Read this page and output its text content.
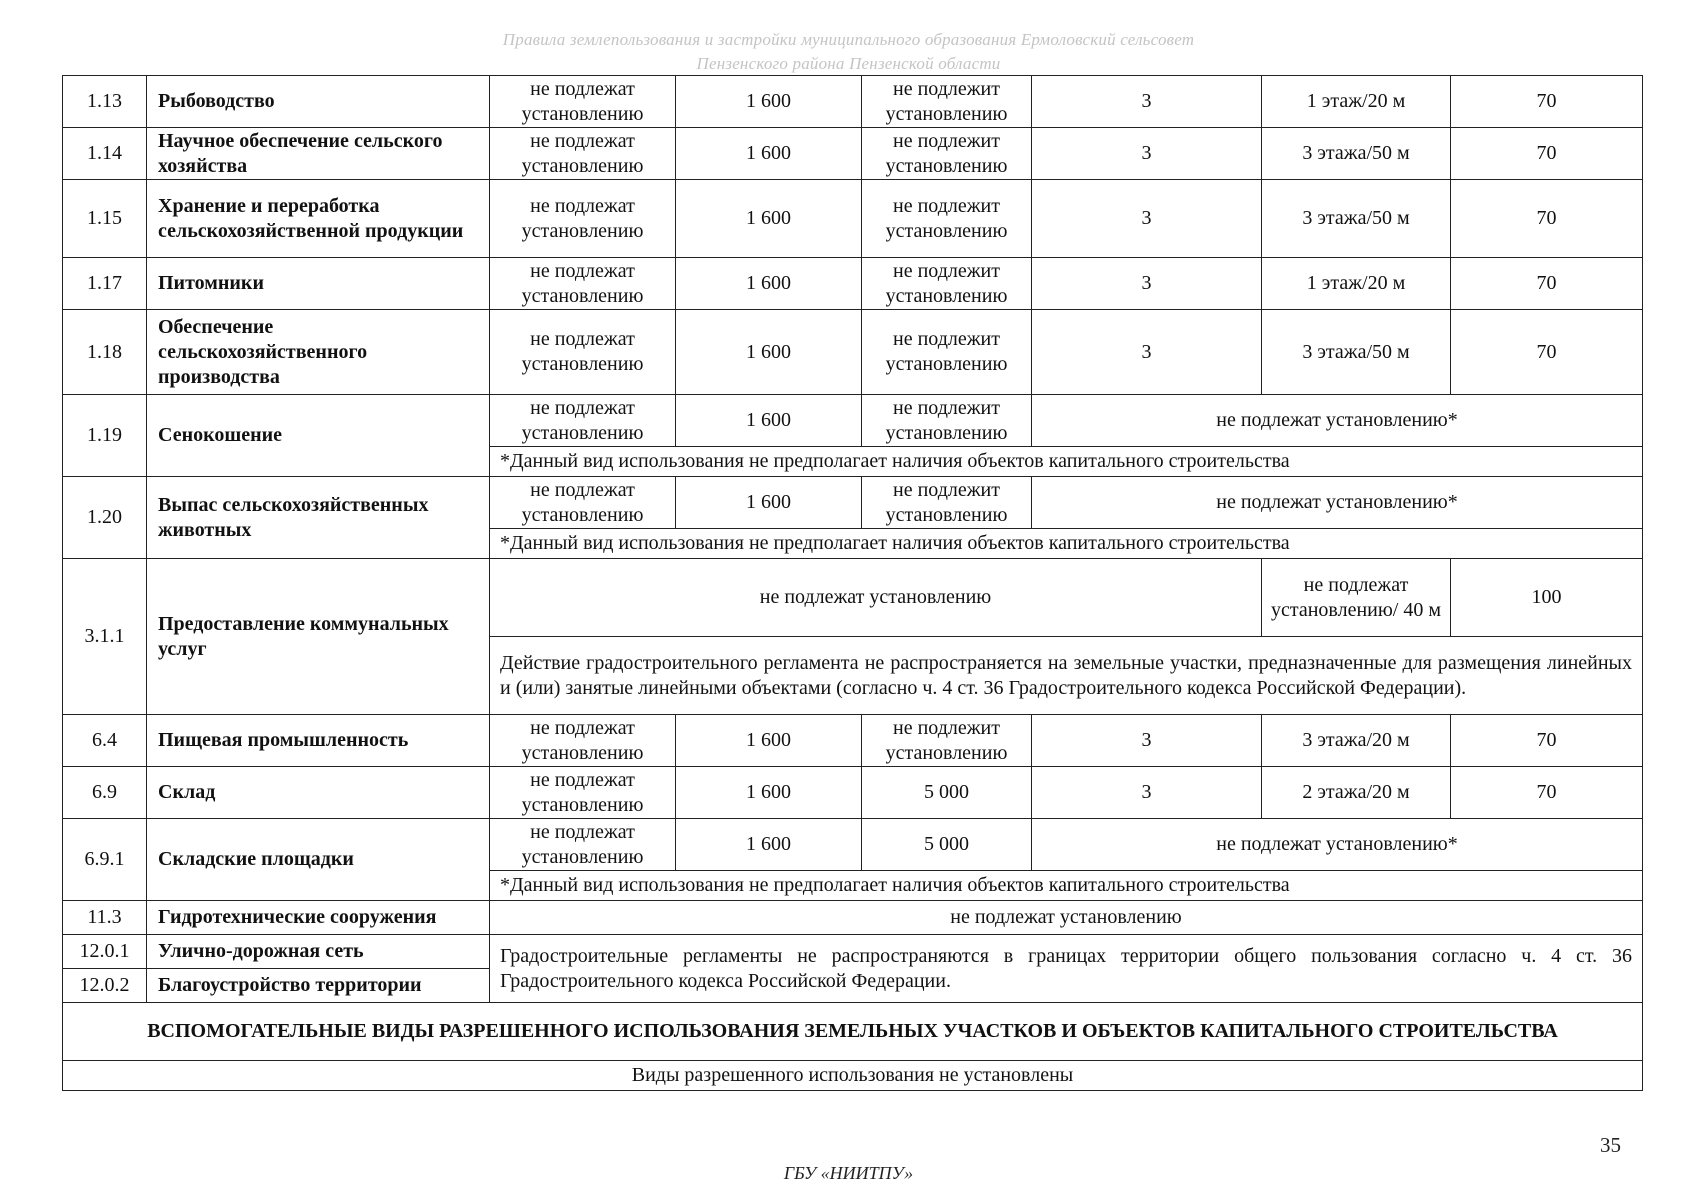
Правила землепользования и застройки муниципального образования Ермоловский сельсовет
Пензенского района Пензенской области
1.13	Рыбоводство	не подлежат установлению	1 600	не подлежит установлению	3	1 этаж/20 м	70
1.14	Научное обеспечение сельского хозяйства	не подлежат установлению	1 600	не подлежит установлению	3	3 этажа/50 м	70
1.15	Хранение и переработка сельскохозяйственной продукции	не подлежат установлению	1 600	не подлежит установлению	3	3 этажа/50 м	70
1.17	Питомники	не подлежат установлению	1 600	не подлежит установлению	3	1 этаж/20 м	70
1.18	Обеспечение сельскохозяйственного производства	не подлежат установлению	1 600	не подлежит установлению	3	3 этажа/50 м	70
1.19	Сенокошение	не подлежат установлению	1 600	не подлежит установлению	не подлежат установлению*		
		*Данный вид использования не предполагает наличия объектов капитального строительства					
1.20	Выпас сельскохозяйственных животных	не подлежат установлению	1 600	не подлежит установлению	не подлежат установлению*		
		*Данный вид использования не предполагает наличия объектов капитального строительства					
3.1.1	Предоставление коммунальных услуг	не подлежат установлению				не подлежат установлению/ 40 м	100
		Действие градостроительного регламента не распространяется на земельные участки, предназначенные для размещения линейных и (или) занятые линейными объектами (согласно ч. 4 ст. 36 Градостроительного кодекса Российской Федерации).					
6.4	Пищевая промышленность	не подлежат установлению	1 600	не подлежит установлению	3	3 этажа/20 м	70
6.9	Склад	не подлежат установлению	1 600	5 000	3	2 этажа/20 м	70
6.9.1	Складские площадки	не подлежат установлению	1 600	5 000	не подлежат установлению*		
		*Данный вид использования не предполагает наличия объектов капитального строительства					
11.3	Гидротехнические сооружения	не подлежат установлению					
12.0.1	Улично-дорожная сеть	Градостроительные регламенты не распространяются в границах территории общего пользования согласно ч. 4 ст. 36 Градостроительного кодекса Российской Федерации.					
12.0.2	Благоустройство территории						
ВСПОМОГАТЕЛЬНЫЕ ВИДЫ РАЗРЕШЕННОГО ИСПОЛЬЗОВАНИЯ ЗЕМЕЛЬНЫХ УЧАСТКОВ И ОБЪЕКТОВ КАПИТАЛЬНОГО СТРОИТЕЛЬСТВА							
Виды разрешенного использования не установлены							
35
ГБУ «НИИТПУ»
